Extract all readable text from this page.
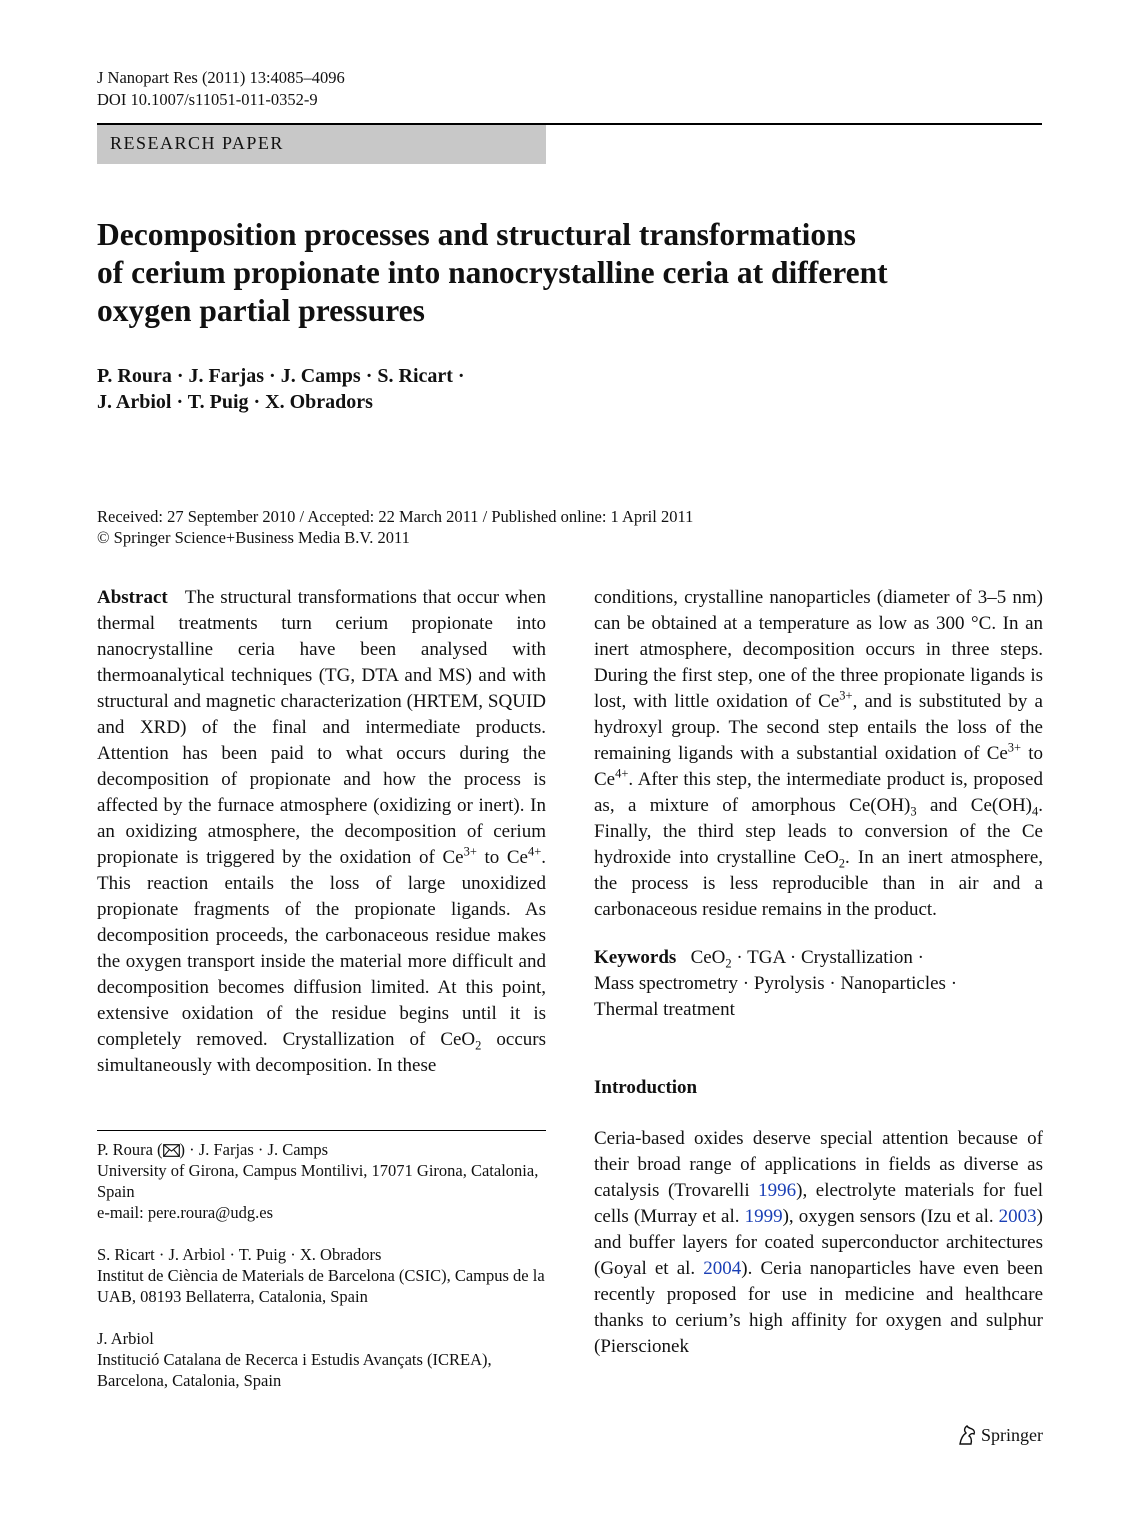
J Nanopart Res (2011) 13:4085–4096
DOI 10.1007/s11051-011-0352-9
RESEARCH PAPER
Decomposition processes and structural transformations
of cerium propionate into nanocrystalline ceria at different
oxygen partial pressures
P. Roura · J. Farjas · J. Camps · S. Ricart ·
J. Arbiol · T. Puig · X. Obradors
Received: 27 September 2010 / Accepted: 22 March 2011 / Published online: 1 April 2011
© Springer Science+Business Media B.V. 2011

Abstract The structural transformations that occur when thermal treatments turn cerium propionate into nanocrystalline ceria have been analysed with thermoanalytical techniques (TG, DTA and MS) and with structural and magnetic characterization (HRTEM, SQUID and XRD) of the final and intermediate products. Attention has been paid to what occurs during the decomposition of propionate and how the process is affected by the furnace atmosphere (oxidizing or inert). In an oxidizing atmosphere, the decomposition of cerium propionate is triggered by the oxidation of $Ce^{3+}$ to $Ce^{4+}$. This reaction entails the loss of large unoxidized propionate fragments of the propionate ligands. As decomposition proceeds, the carbonaceous residue makes the oxygen transport inside the material more difficult and decomposition becomes diffusion limited. At this point, extensive oxidation of the residue begins until it is completely removed. Crystallization of CeO$_2$ occurs simultaneously with decomposition. In these

P. Roura ( ) · J. Farjas · J. Camps
University of Girona, Campus Montilivi, 17071 Girona, Catalonia, Spain
e-mail: pere.roura@udg.es

S. Ricart · J. Arbiol · T. Puig · X. Obradors
Institut de Ciència de Materials de Barcelona (CSIC), Campus de la UAB, 08193 Bellaterra, Catalonia, Spain

J. Arbiol
Institució Catalana de Recerca i Estudis Avançats (ICREA), Barcelona, Catalonia, Spain

conditions, crystalline nanoparticles (diameter of 3–5 nm) can be obtained at a temperature as low as 300 °C. In an inert atmosphere, decomposition occurs in three steps. During the first step, one of the three propionate ligands is lost, with little oxidation of $Ce^{3+}$, and is substituted by a hydroxyl group. The second step entails the loss of the remaining ligands with a substantial oxidation of $Ce^{3+}$ to $Ce^{4+}$. After this step, the intermediate product is, proposed as, a mixture of amorphous $Ce(OH)_3$ and $Ce(OH)_4$. Finally, the third step leads to conversion of the Ce hydroxide into crystalline CeO$_2$. In an inert atmosphere, the process is less reproducible than in air and a carbonaceous residue remains in the product.

Keywords CeO$_2$ · TGA · Crystallization ·
Mass spectrometry · Pyrolysis · Nanoparticles ·
Thermal treatment

Introduction

Ceria-based oxides deserve special attention because of their broad range of applications in fields as diverse as catalysis (Trovarelli 1996), electrolyte materials for fuel cells (Murray et al. 1999), oxygen sensors (Izu et al. 2003) and buffer layers for coated superconductor architectures (Goyal et al. 2004). Ceria nanoparticles have even been recently proposed for use in medicine and healthcare thanks to cerium’s high affinity for oxygen and sulphur (Pierscionek

Springer
